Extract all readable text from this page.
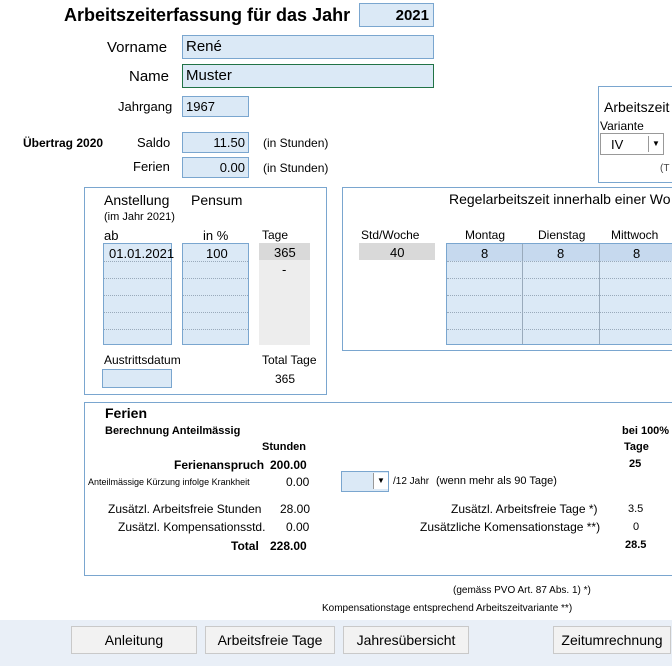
Arbeitszeiterfassung für das Jahr	2021
Vorname René
Name Muster
Jahrgang 1967
Übertrag 2020	Saldo	11.50 (in Stunden)
Ferien	0.00 (in Stunden)
Arbeitszeit
Variante
IV	▼
(T
Anstellung Pensum
(im Jahr 2021)
ab	in %	Tage
01.01.2021 100	365
-
Austrittsdatum	Total Tage
365
Regelarbeitszeit innerhalb einer Wo
Std/Woche	Montag	Dienstag Mittwoch
40	8	8	8
Ferien
Berechnung Anteilmässig	bei 100%
Stunden	Tage
Ferienanspruch 200.00	25
Anteilmässige Kürzung infolge Krankheit	0.00	▼ /12 Jahr (wenn mehr als 90 Tage)
Zusätzl. Arbeitsfreie Stunden 28.00	Zusätzl. Arbeitsfreie Tage *)	3.5
Zusätzl. Kompensationsstd. 0.00	Zusätzliche Komensationstage **)	0
Total 228.00	28.5
(gemäss PVO Art. 87 Abs. 1) *)
Kompensationstage entsprechend Arbeitszeitvariante **)
Anleitung	Arbeitsfreie Tage	Jahresübersicht	Zeitumrechnung
